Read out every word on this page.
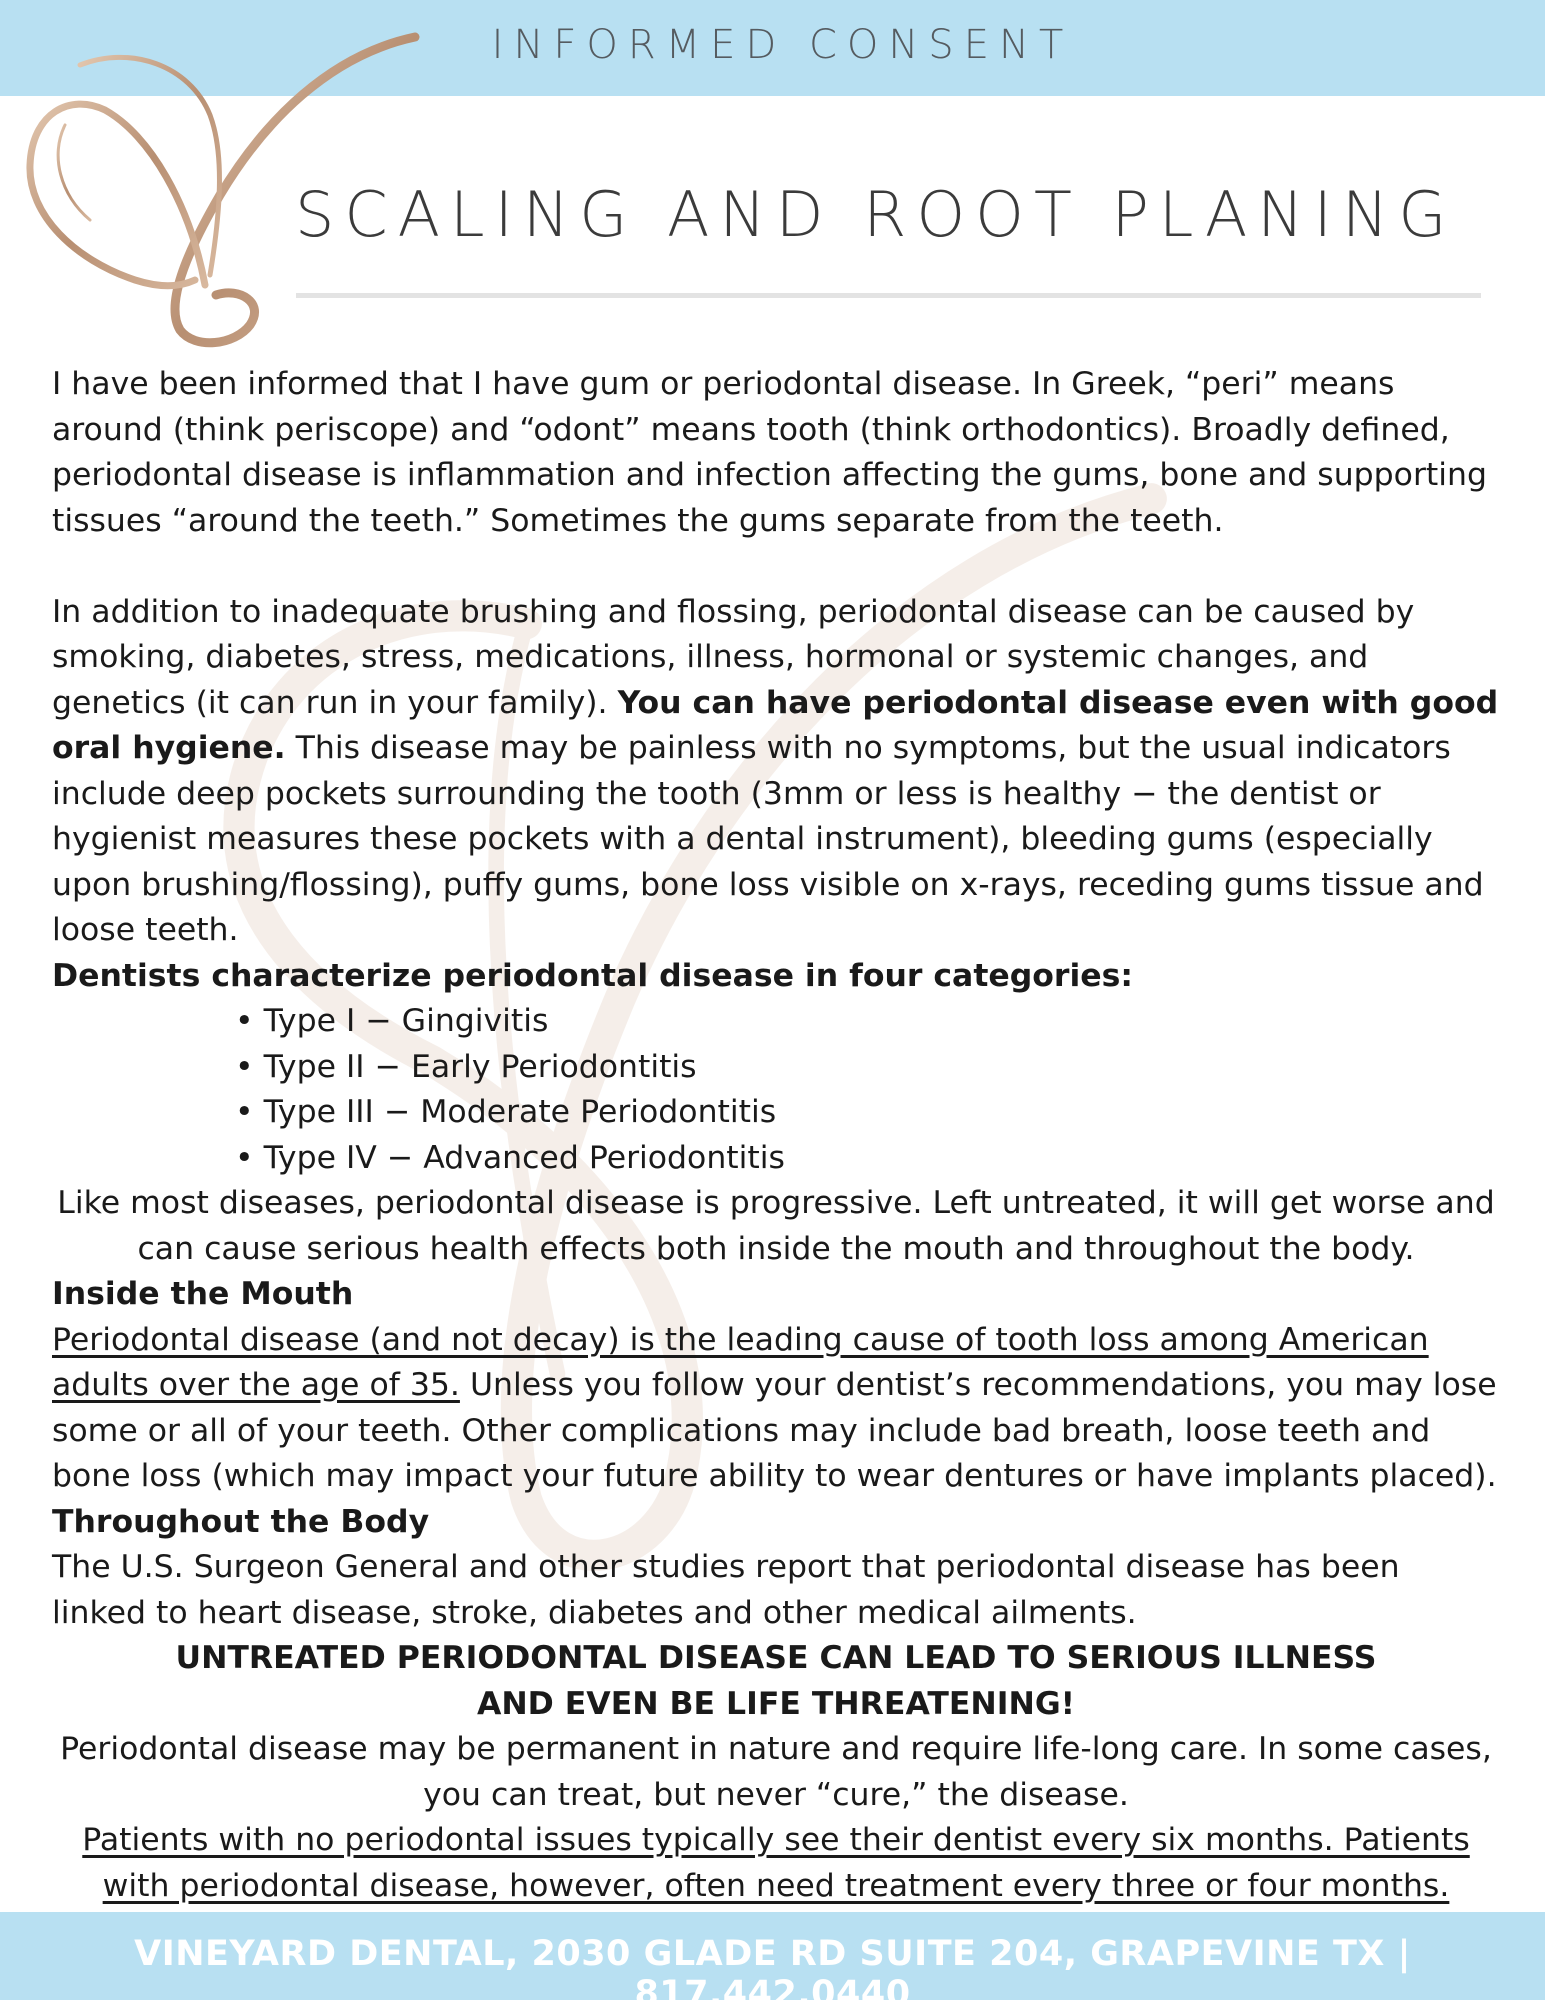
INFORMED CONSENT
SCALING AND ROOT PLANING

I have been informed that I have gum or periodontal disease. In Greek, “peri” means around (think periscope) and “odont” means tooth (think orthodontics). Broadly defined, periodontal disease is inflammation and infection affecting the gums, bone and supporting tissues “around the teeth.” Sometimes the gums separate from the teeth.

In addition to inadequate brushing and flossing, periodontal disease can be caused by smoking, diabetes, stress, medications, illness, hormonal or systemic changes, and genetics (it can run in your family). You can have periodontal disease even with good oral hygiene. This disease may be painless with no symptoms, but the usual indicators include deep pockets surrounding the tooth (3mm or less is healthy − the dentist or hygienist measures these pockets with a dental instrument), bleeding gums (especially upon brushing/flossing), puffy gums, bone loss visible on x-rays, receding gums tissue and loose teeth.

Dentists characterize periodontal disease in four categories:

• Type I − Gingivitis
• Type II − Early Periodontitis
• Type III − Moderate Periodontitis
• Type IV − Advanced Periodontitis

Like most diseases, periodontal disease is progressive. Left untreated, it will get worse and can cause serious health effects both inside the mouth and throughout the body.

Inside the Mouth

Periodontal disease (and not decay) is the leading cause of tooth loss among American adults over the age of 35. Unless you follow your dentist’s recommendations, you may lose some or all of your teeth. Other complications may include bad breath, loose teeth and bone loss (which may impact your future ability to wear dentures or have implants placed).

Throughout the Body

The U.S. Surgeon General and other studies report that periodontal disease has been linked to heart disease, stroke, diabetes and other medical ailments.

UNTREATED PERIODONTAL DISEASE CAN LEAD TO SERIOUS ILLNESS

AND EVEN BE LIFE THREATENING!

Periodontal disease may be permanent in nature and require life-long care. In some cases, you can treat, but never “cure,” the disease.

Patients with no periodontal issues typically see their dentist every six months. Patients with periodontal disease, however, often need treatment every three or four months.

VINEYARD DENTAL, 2030 GLADE RD SUITE 204, GRAPEVINE TX | 817.442.0440
